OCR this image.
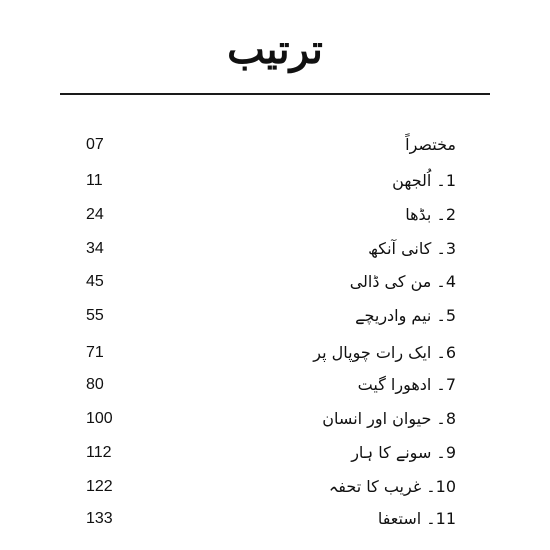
ترتیب
07	مختصراً
11	1۔ اُلجھن
24	2۔ بڈھا
34	3۔ کانی آنکھ
45	4۔ من کی ڈالی
55	5۔ نیم وادریچے
71	6۔ ایک رات چوپال پر
80	7۔ ادھورا گیت
100	8۔ حیوان اور انسان
112	9۔ سونے کا ہار
122	10۔ غریب کا تحفہ
133	11۔ استعفا
